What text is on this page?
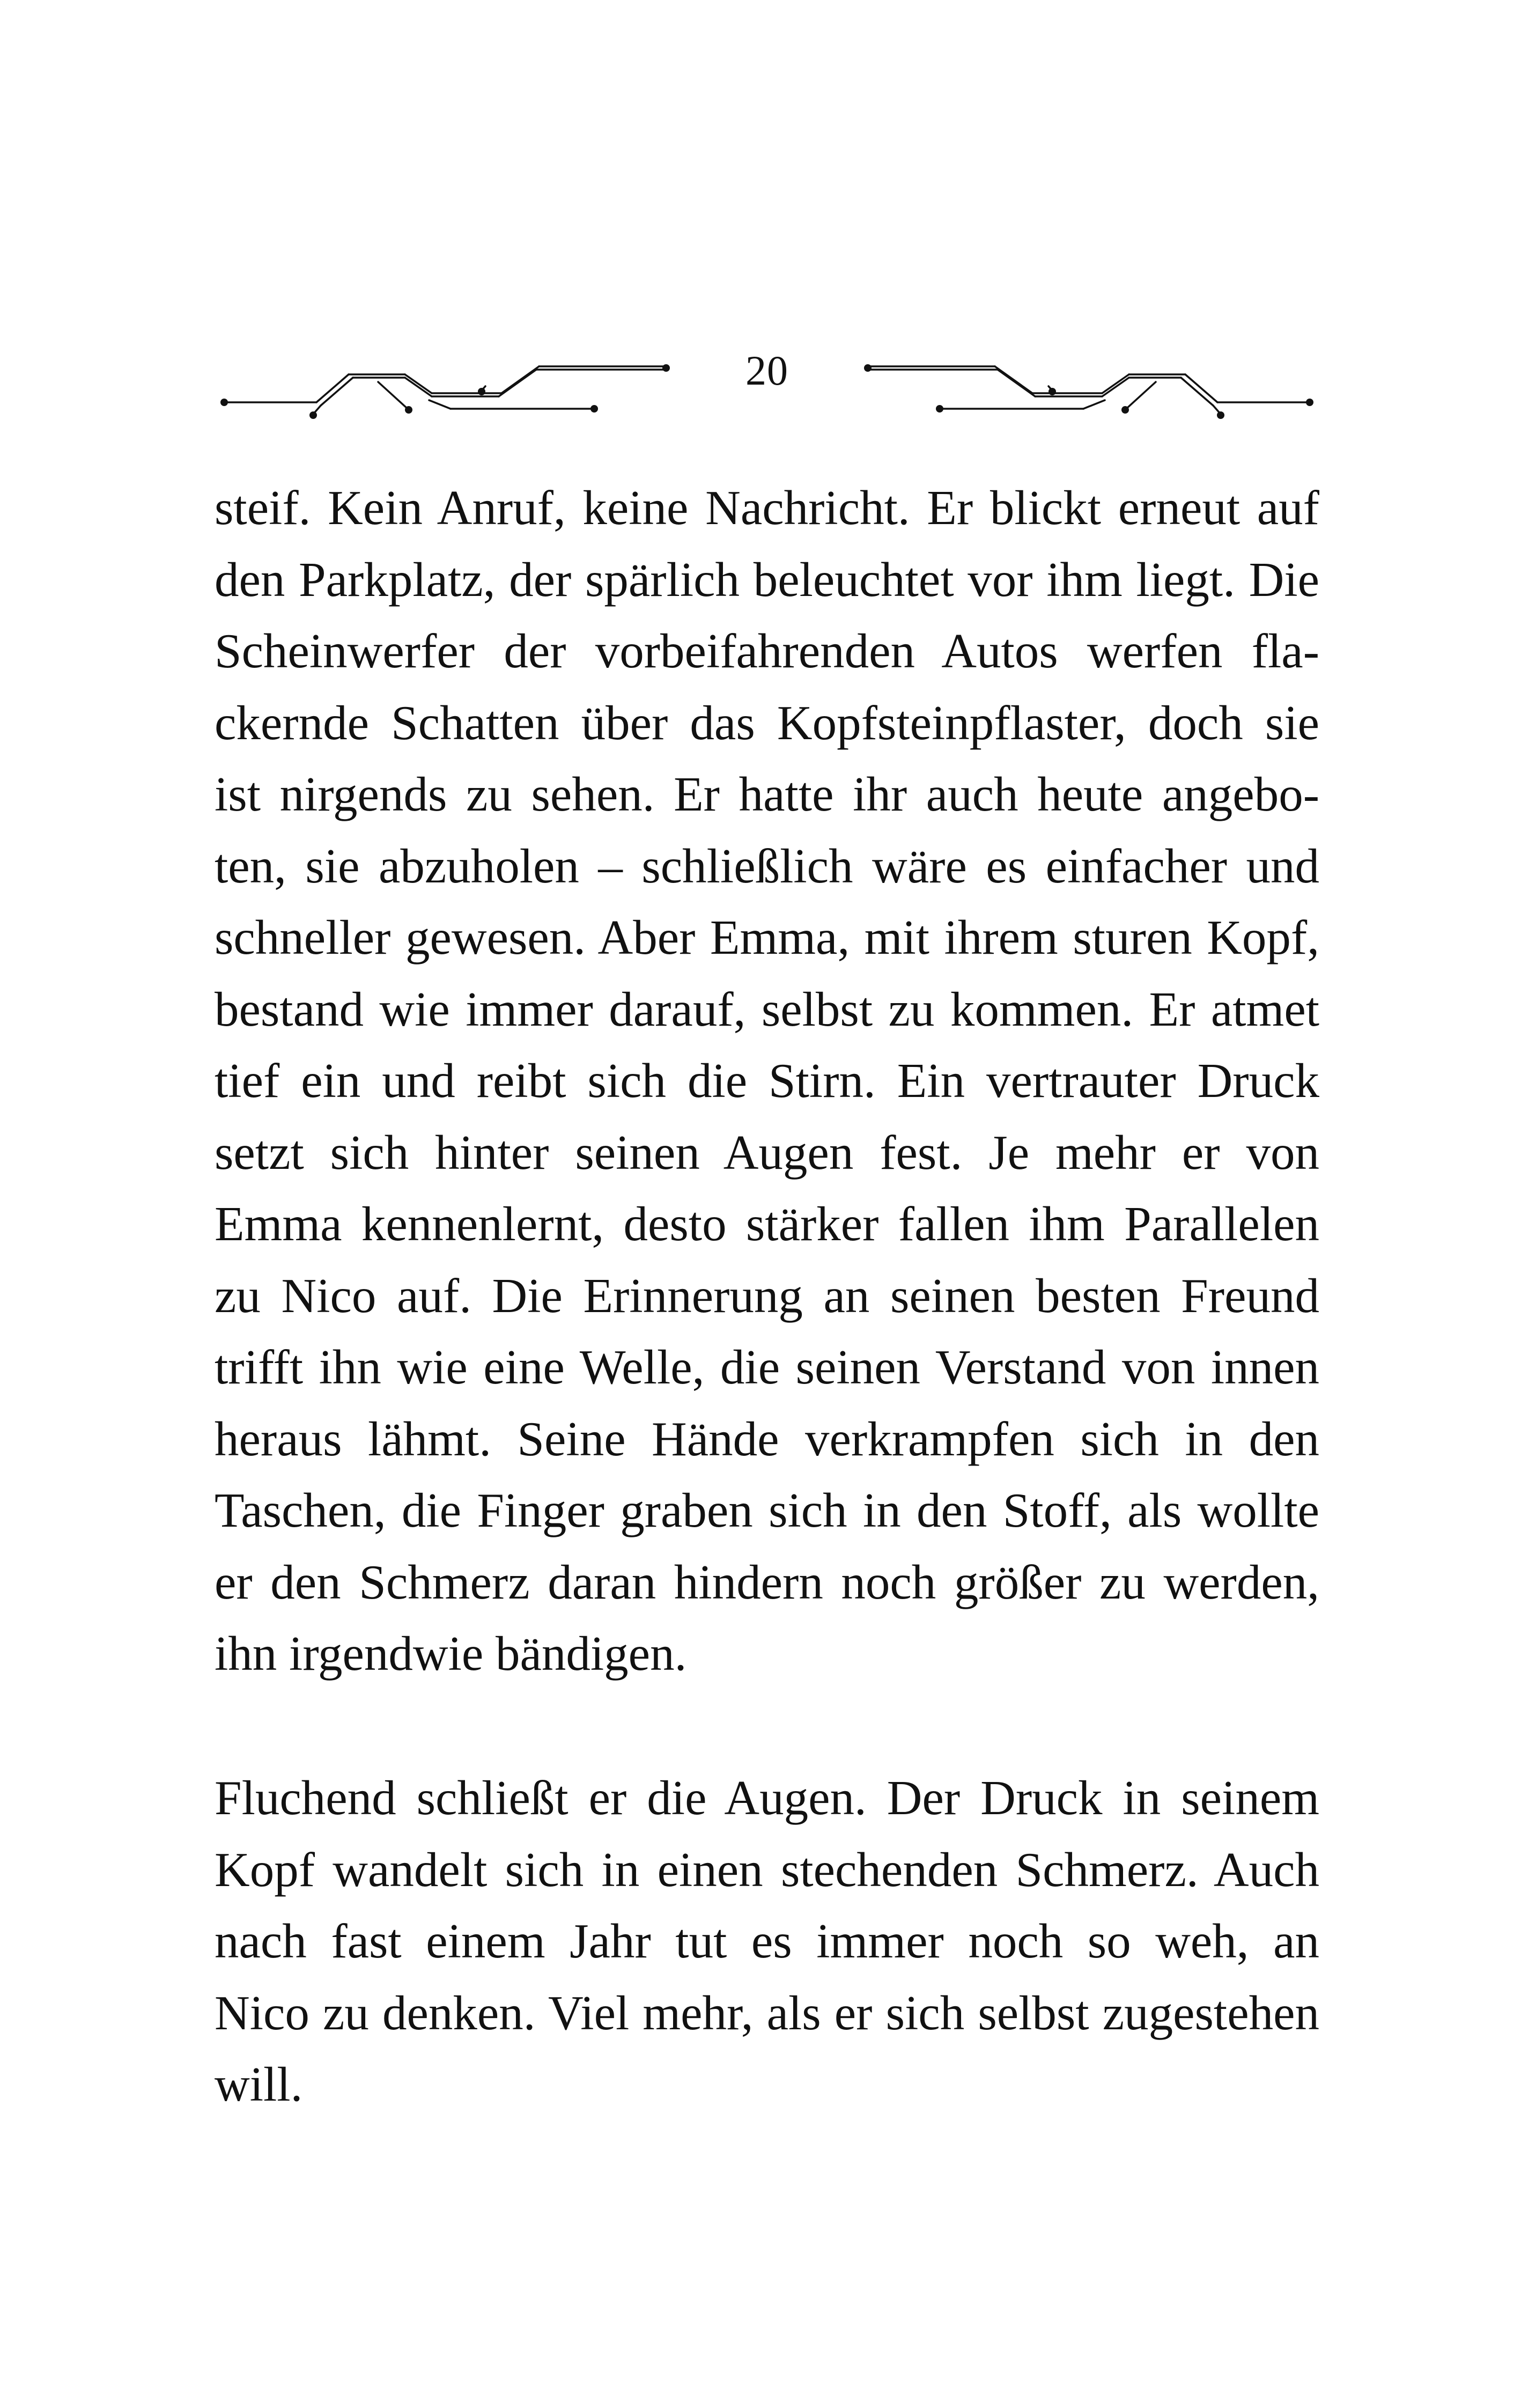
20
steif. Kein Anruf, keine Nachricht. Er blickt erneut auf
den Parkplatz, der spärlich beleuchtet vor ihm liegt. Die
Scheinwerfer der vorbeifahrenden Autos werfen fla-
ckernde Schatten über das Kopfsteinpflaster, doch sie
ist nirgends zu sehen. Er hatte ihr auch heute angebo-
ten, sie abzuholen – schließlich wäre es einfacher und
schneller gewesen. Aber Emma, mit ihrem sturen Kopf,
bestand wie immer darauf, selbst zu kommen. Er atmet
tief ein und reibt sich die Stirn. Ein vertrauter Druck
setzt sich hinter seinen Augen fest. Je mehr er von
Emma kennenlernt, desto stärker fallen ihm Parallelen
zu Nico auf. Die Erinnerung an seinen besten Freund
trifft ihn wie eine Welle, die seinen Verstand von innen
heraus lähmt. Seine Hände verkrampfen sich in den
Taschen, die Finger graben sich in den Stoff, als wollte
er den Schmerz daran hindern noch größer zu werden,
ihn irgendwie bändigen.
Fluchend schließt er die Augen. Der Druck in seinem
Kopf wandelt sich in einen stechenden Schmerz. Auch
nach fast einem Jahr tut es immer noch so weh, an
Nico zu denken. Viel mehr, als er sich selbst zugestehen
will.
